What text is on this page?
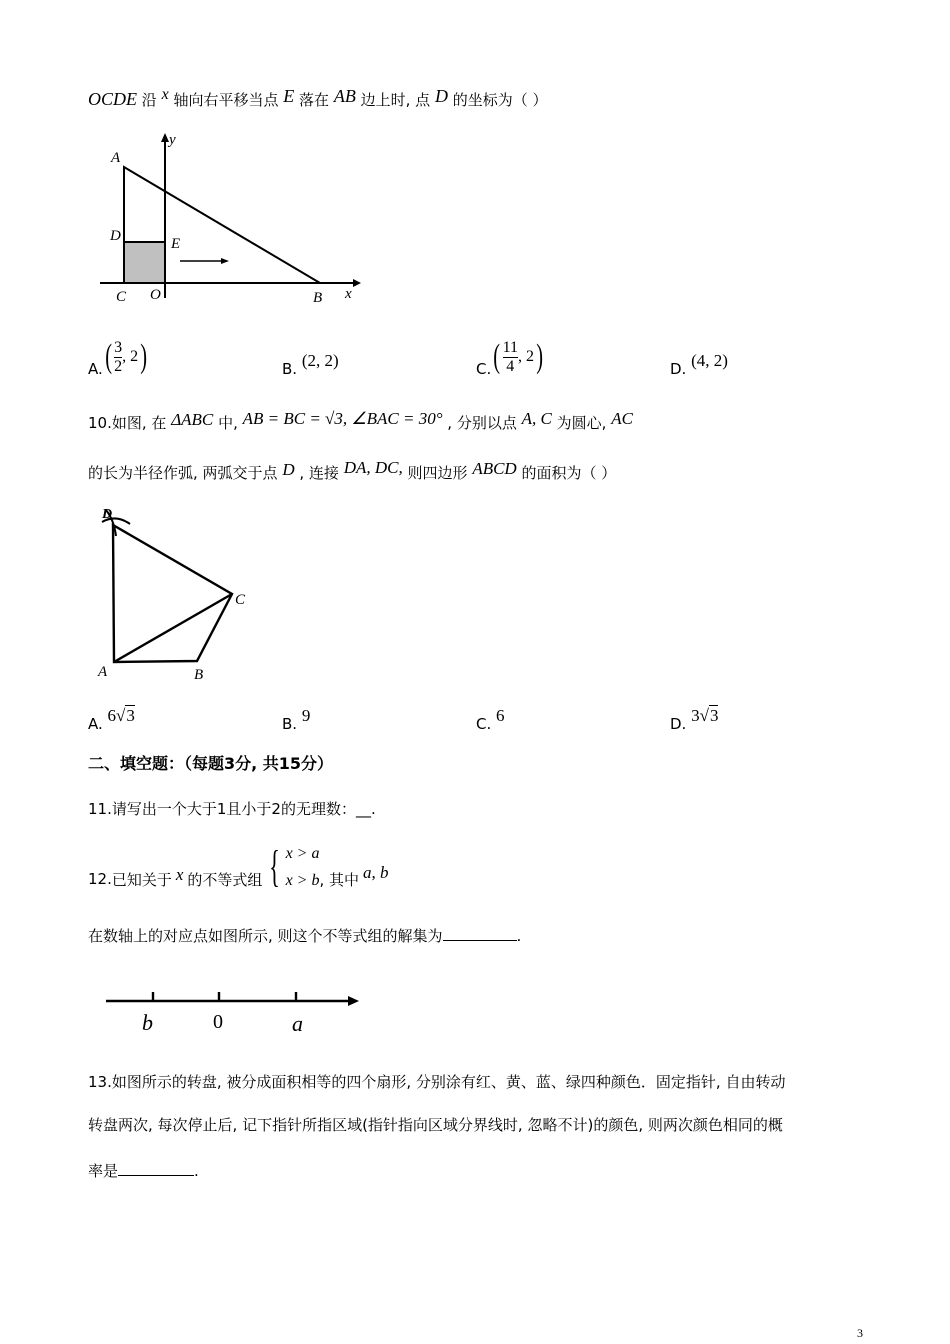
OCDE 沿 x 轴向右平移当点 E 落在 AB 边上时, 点 D 的坐标为（ ）
A
y
D	E
C O	B x
A. ( $\frac{3}{2}$ , 2 )	B. (2, 2)	C. ( $\frac{11}{4}$ , 2 )	D. (4, 2)
10.如图, 在 ΔABC 中, AB = BC = √3, ∠BAC = 30° , 分别以点 A, C 为圆心, AC
的长为半径作弧, 两弧交于点 D , 连接 DA, DC, 则四边形 ABCD 的面积为（ ）
D
C
A	B
A. 6√3	B. 9	C. 6	D. 3√3
二、填空题：（每题3分, 共15分）
11.请写出一个大于1且小于2的无理数：__.
12. 已知关于 x 的不等式组 { x > a
x > b , 其中 a, b
在数轴上的对应点如图所示, 则这个不等式组的解集为	.
b	0	a
13.如图所示的转盘, 被分成面积相等的四个扇形, 分别涂有红、黄、蓝、绿四种颜色．固定指针, 自由转动
转盘两次, 每次停止后, 记下指针所指区域(指针指向区域分界线时, 忽略不计)的颜色, 则两次颜色相同的概
率是	.
3
